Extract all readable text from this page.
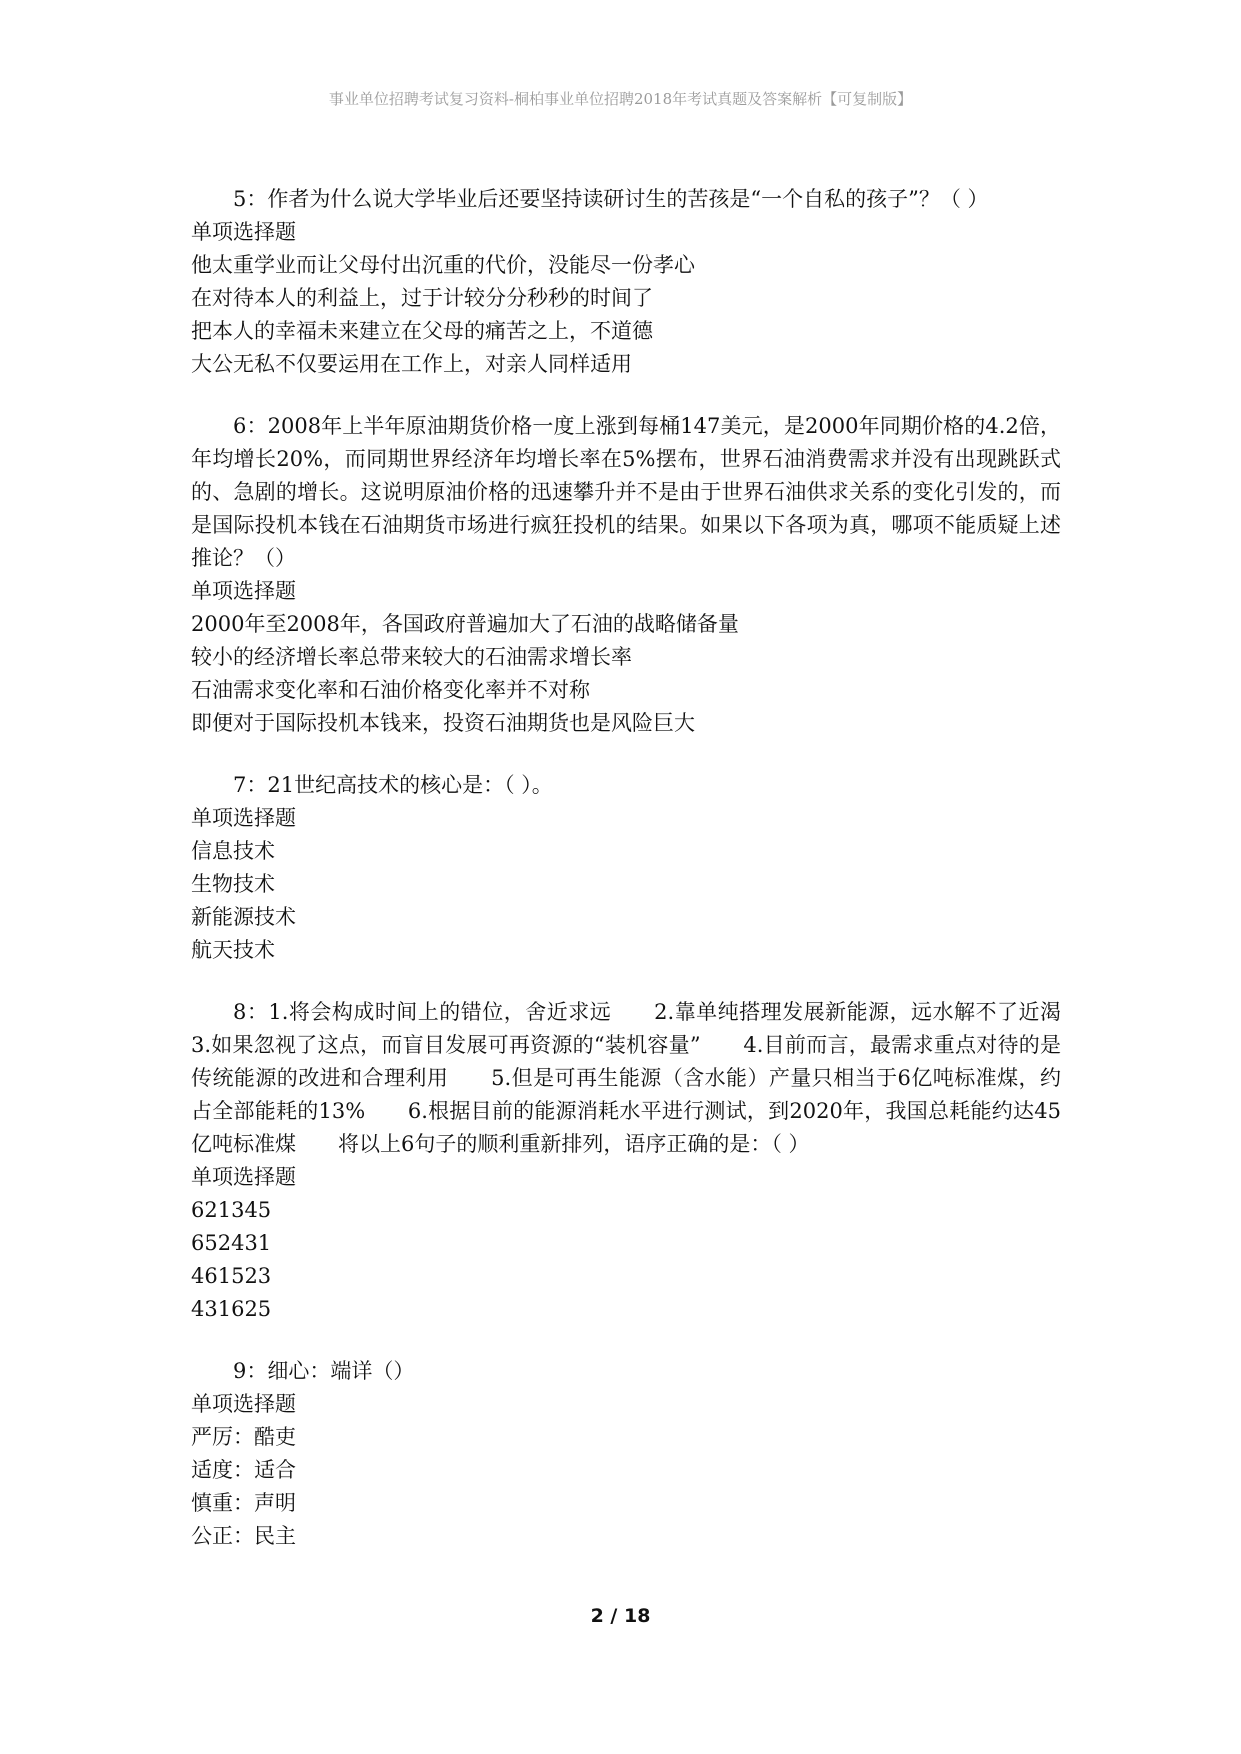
事业单位招聘考试复习资料-桐柏事业单位招聘2018年考试真题及答案解析【可复制版】
5：作者为什么说大学毕业后还要坚持读研讨生的苦孩是“一个自私的孩子”？（ ）
单项选择题
他太重学业而让父母付出沉重的代价，没能尽一份孝心
在对待本人的利益上，过于计较分分秒秒的时间了
把本人的幸福未来建立在父母的痛苦之上，不道德
大公无私不仅要运用在工作上，对亲人同样适用
6：2008年上半年原油期货价格一度上涨到每桶147美元，是2000年同期价格的4.2倍，年均增长20%，而同期世界经济年均增长率在5%摆布，世界石油消费需求并没有出现跳跃式的、急剧的增长。这说明原油价格的迅速攀升并不是由于世界石油供求关系的变化引发的，而是国际投机本钱在石油期货市场进行疯狂投机的结果。如果以下各项为真，哪项不能质疑上述推论？（）
单项选择题
2000年至2008年，各国政府普遍加大了石油的战略储备量
较小的经济增长率总带来较大的石油需求增长率
石油需求变化率和石油价格变化率并不对称
即便对于国际投机本钱来，投资石油期货也是风险巨大
7：21世纪高技术的核心是：（ ）。
单项选择题
信息技术
生物技术
新能源技术
航天技术
8：1.将会构成时间上的错位，舍近求远　　2.靠单纯搭理发展新能源，远水解不了近渴　　3.如果忽视了这点，而盲目发展可再资源的“装机容量”　　4.目前而言，最需求重点对待的是传统能源的改进和合理利用　　5.但是可再生能源（含水能）产量只相当于6亿吨标准煤，约占全部能耗的13%　　6.根据目前的能源消耗水平进行测试，到2020年，我国总耗能约达45亿吨标准煤　　将以上6句子的顺利重新排列，语序正确的是：（ ）
单项选择题
621345
652431
461523
431625
9：细心：端详（）
单项选择题
严厉：酷吏
适度：适合
慎重：声明
公正：民主
2 / 18
